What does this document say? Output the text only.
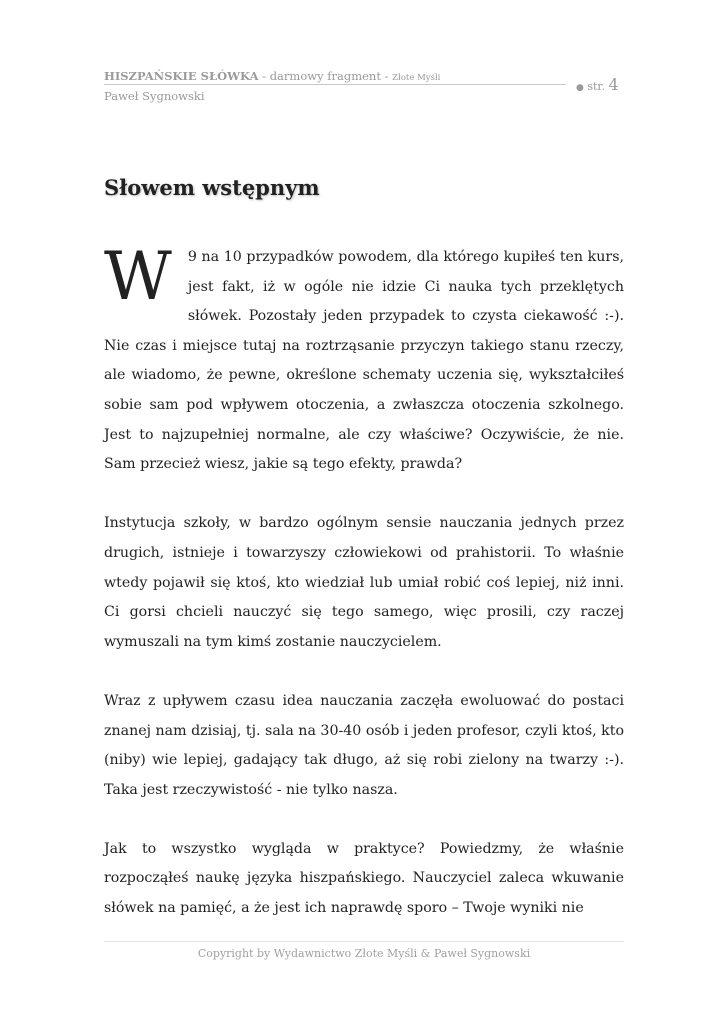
HISZPAŃSKIE SŁÓWKA - darmowy fragment - Złote Myśli
Paweł Sygnowski
● str. 4
Słowem wstępnym

W 9 na 10 przypadków powodem, dla którego kupiłeś ten kurs, jest fakt, iż w ogóle nie idzie Ci nauka tych przeklętych słówek. Pozostały jeden przypadek to czysta ciekawość :-). Nie czas i miejsce tutaj na roztrząsanie przyczyn takiego stanu rzeczy, ale wiadomo, że pewne, określone schematy uczenia się, wykształciłeś sobie sam pod wpływem otoczenia, a zwłaszcza otoczenia szkolnego. Jest to najzupełniej normalne, ale czy właściwe? Oczywiście, że nie. Sam przecież wiesz, jakie są tego efekty, prawda?

Instytucja szkoły, w bardzo ogólnym sensie nauczania jednych przez drugich, istnieje i towarzyszy człowiekowi od prahistorii. To właśnie wtedy pojawił się ktoś, kto wiedział lub umiał robić coś lepiej, niż inni. Ci gorsi chcieli nauczyć się tego samego, więc prosili, czy raczej wymuszali na tym kimś zostanie nauczycielem.

Wraz z upływem czasu idea nauczania zaczęła ewoluować do postaci znanej nam dzisiaj, tj. sala na 30-40 osób i jeden profesor, czyli ktoś, kto (niby) wie lepiej, gadający tak długo, aż się robi zielony na twarzy :-). Taka jest rzeczywistość - nie tylko nasza.

Jak to wszystko wygląda w praktyce? Powiedzmy, że właśnie rozpocząłeś naukę języka hiszpańskiego. Nauczyciel zaleca wkuwanie słówek na pamięć, a że jest ich naprawdę sporo – Twoje wyniki nie

Copyright by Wydawnictwo Złote Myśli & Paweł Sygnowski
